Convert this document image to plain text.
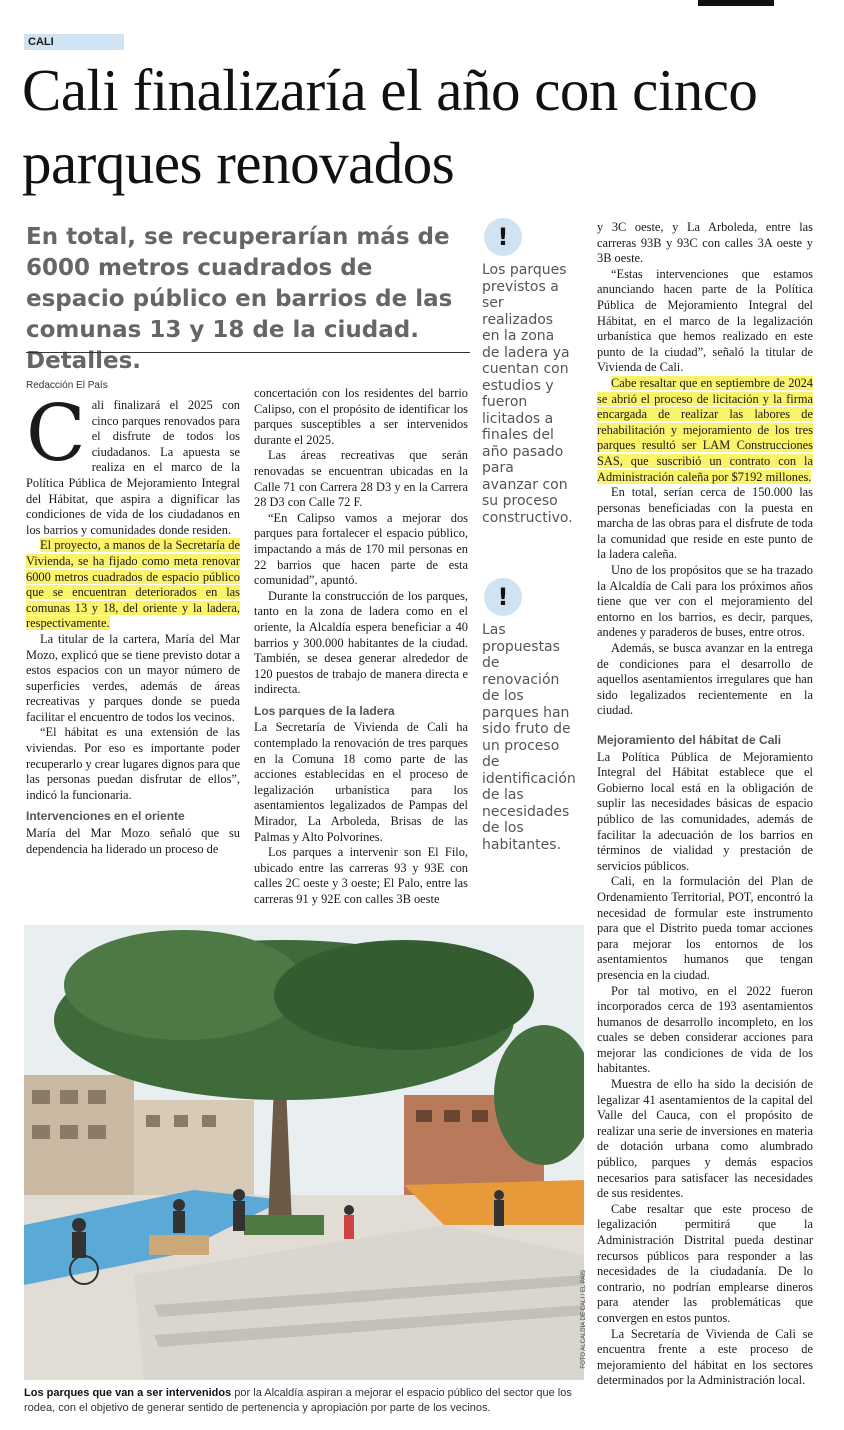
CALI
Cali finalizaría el año con cinco parques renovados

En total, se recuperarían más de 6000 metros cuadrados de espacio público en barrios de las comunas 13 y 18 de la ciudad. Detalles.

Redacción El País
C ali finalizará el 2025 con cinco parques renovados para el disfrute de todos los ciudadanos. La apuesta se realiza en el marco de la Política Pública de Mejoramiento Integral del Hábitat, que aspira a dignificar las condiciones de vida de los ciudadanos en los barrios y comunidades donde residen.

El proyecto, a manos de la Secretaría de Vivienda, se ha fijado como meta renovar 6000 metros cuadrados de espacio público que se encuentran deteriorados en las comunas 13 y 18, del oriente y la ladera, respectivamente.

La titular de la cartera, María del Mar Mozo, explicó que se tiene previsto dotar a estos espacios con un mayor número de superficies verdes, además de áreas recreativas y parques donde se pueda facilitar el encuentro de todos los vecinos.

“El hábitat es una extensión de las viviendas. Por eso es importante poder recuperarlo y crear lugares dignos para que las personas puedan disfrutar de ellos”, indicó la funcionaria.

Intervenciones en el oriente

María del Mar Mozo señaló que su dependencia ha liderado un proceso de

concertación con los residentes del barrio Calipso, con el propósito de identificar los parques susceptibles a ser intervenidos durante el 2025.

Las áreas recreativas que serán renovadas se encuentran ubicadas en la Calle 71 con Carrera 28 D3 y en la Carrera 28 D3 con Calle 72 F.

“En Calipso vamos a mejorar dos parques para fortalecer el espacio público, impactando a más de 170 mil personas en 22 barrios que hacen parte de esta comunidad”, apuntó.

Durante la construcción de los parques, tanto en la zona de ladera como en el oriente, la Alcaldía espera beneficiar a 40 barrios y 300.000 habitantes de la ciudad. También, se desea generar alrededor de 120 puestos de trabajo de manera directa e indirecta.

Los parques de la ladera

La Secretaría de Vivienda de Cali ha contemplado la renovación de tres parques en la Comuna 18 como parte de las acciones establecidas en el proceso de legalización urbanística para los asentamientos legalizados de Pampas del Mirador, La Arboleda, Brisas de las Palmas y Alto Polvorines.

Los parques a intervenir son El Filo, ubicado entre las carreras 93 y 93E con calles 2C oeste y 3 oeste; El Palo, entre las carreras 91 y 92E con calles 3B oeste

!
Los parques previstos a ser realizados en la zona de ladera ya cuentan con estudios y fueron licitados a finales del año pasado para avanzar con su proceso constructivo.
!
Las propuestas de renovación de los parques han sido fruto de un proceso de identificación de las necesidades de los habitantes.

y 3C oeste, y La Arboleda, entre las carreras 93B y 93C con calles 3A oeste y 3B oeste.

“Estas intervenciones que estamos anunciando hacen parte de la Política Pública de Mejoramiento Integral del Hábitat, en el marco de la legalización urbanística que hemos realizado en este punto de la ciudad”, señaló la titular de Vivienda de Cali.

Cabe resaltar que en septiembre de 2024 se abrió el proceso de licitación y la firma encargada de realizar las labores de rehabilitación y mejoramiento de los tres parques resultó ser LAM Construcciones SAS, que suscribió un contrato con la Administración caleña por $7192 millones.

En total, serían cerca de 150.000 las personas beneficiadas con la puesta en marcha de las obras para el disfrute de toda la comunidad que reside en este punto de la ladera caleña.

Uno de los propósitos que se ha trazado la Alcaldía de Cali para los próximos años tiene que ver con el mejoramiento del entorno en los barrios, es decir, parques, andenes y paraderos de buses, entre otros.

Además, se busca avanzar en la entrega de condiciones para el desarrollo de aquellos asentamientos irregulares que han sido legalizados recientemente en la ciudad.

Mejoramiento del hábitat de Cali

La Política Pública de Mejoramiento Integral del Hábitat establece que el Gobierno local está en la obligación de suplir las necesidades básicas de espacio público de las comunidades, además de facilitar la adecuación de los barrios en términos de vialidad y prestación de servicios públicos.

Cali, en la formulación del Plan de Ordenamiento Territorial, POT, encontró la necesidad de formular este instrumento para que el Distrito pueda tomar acciones para mejorar los entornos de los asentamientos humanos que tengan presencia en la ciudad.

Por tal motivo, en el 2022 fueron incorporados cerca de 193 asentamientos humanos de desarrollo incompleto, en los cuales se deben considerar acciones para mejorar las condiciones de vida de los habitantes.

Muestra de ello ha sido la decisión de legalizar 41 asentamientos de la capital del Valle del Cauca, con el propósito de realizar una serie de inversiones en materia de dotación urbana como alumbrado público, parques y demás espacios necesarios para satisfacer las necesidades de sus residentes.

Cabe resaltar que este proceso de legalización permitirá que la Administración Distrital pueda destinar recursos públicos para responder a las necesidades de la ciudadanía. De lo contrario, no podrían emplearse dineros para atender las problemáticas que convergen en estos puntos.

La Secretaría de Vivienda de Cali se encuentra frente a este proceso de mejoramiento del hábitat en los sectores determinados por la Administración local.

FOTO ALCALDÍA DE CALI / EL PAÍS
Los parques que van a ser intervenidos por la Alcaldía aspiran a mejorar el espacio público del sector que los rodea, con el objetivo de generar sentido de pertenencia y apropiación por parte de los vecinos.
